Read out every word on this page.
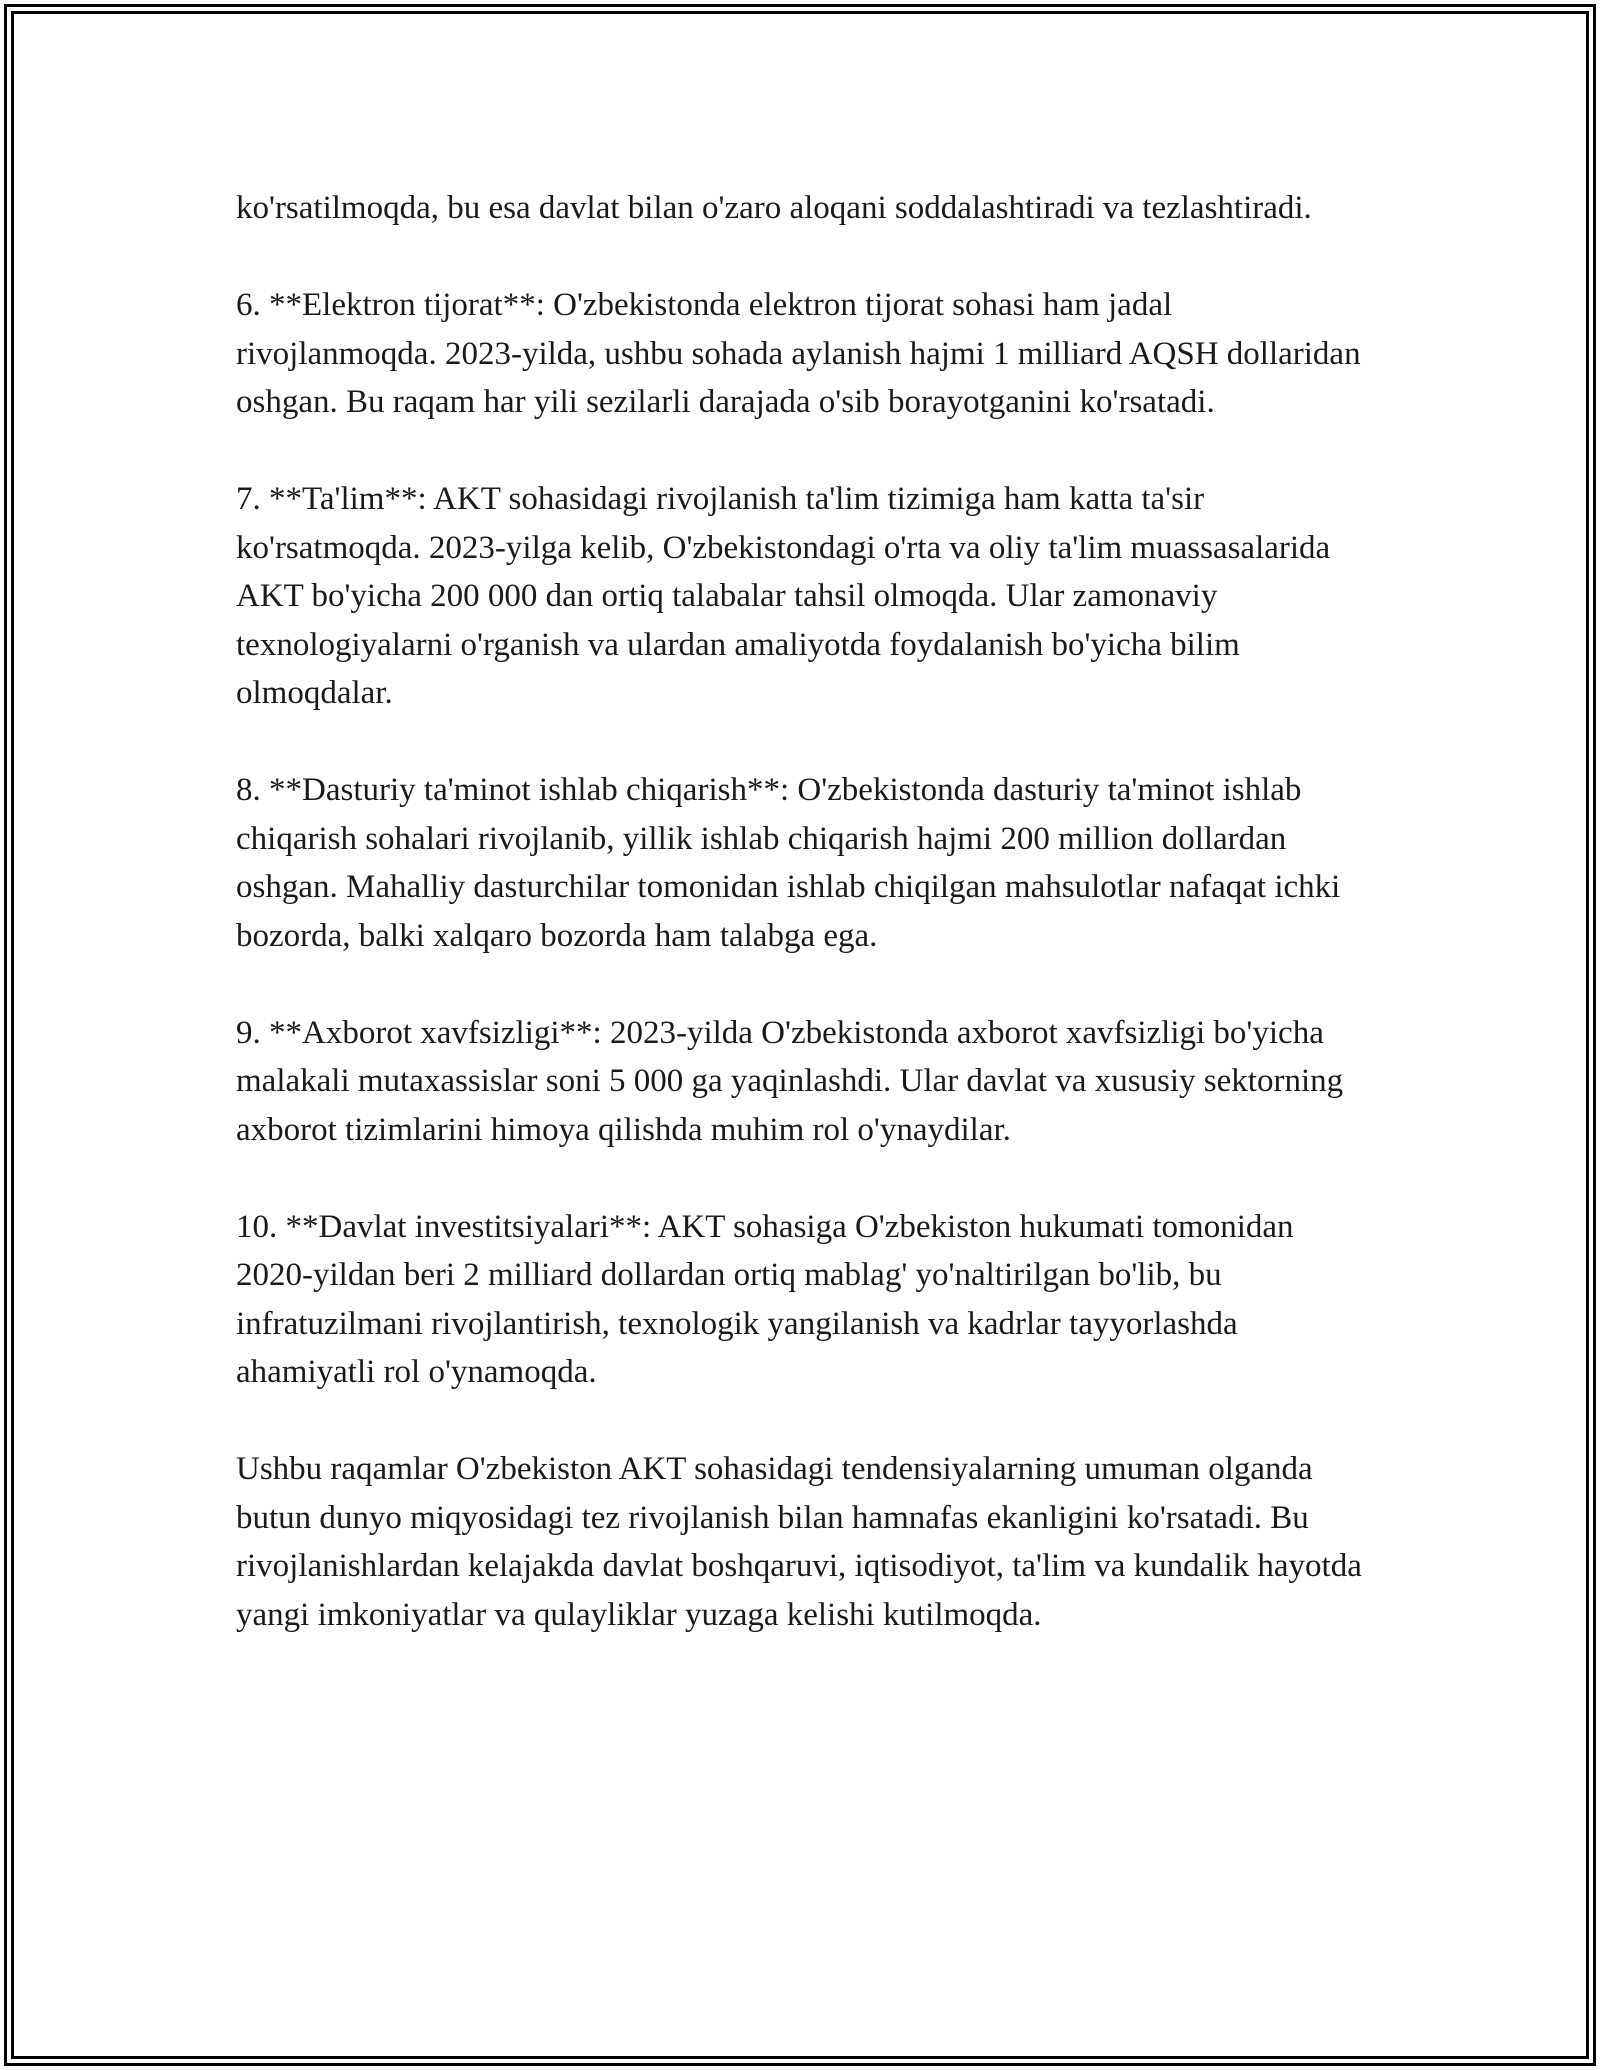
ko'rsatilmoqda, bu esa davlat bilan o'zaro aloqani soddalashtiradi va tezlashtiradi.

6. **Elektron tijorat**: O'zbekistonda elektron tijorat sohasi ham jadal rivojlanmoqda. 2023-yilda, ushbu sohada aylanish hajmi 1 milliard AQSH dollaridan oshgan. Bu raqam har yili sezilarli darajada o'sib borayotganini ko'rsatadi.

7. **Ta'lim**: AKT sohasidagi rivojlanish ta'lim tizimiga ham katta ta'sir ko'rsatmoqda. 2023-yilga kelib, O'zbekistondagi o'rta va oliy ta'lim muassasalarida AKT bo'yicha 200 000 dan ortiq talabalar tahsil olmoqda. Ular zamonaviy texnologiyalarni o'rganish va ulardan amaliyotda foydalanish bo'yicha bilim olmoqdalar.

8. **Dasturiy ta'minot ishlab chiqarish**: O'zbekistonda dasturiy ta'minot ishlab chiqarish sohalari rivojlanib, yillik ishlab chiqarish hajmi 200 million dollardan oshgan. Mahalliy dasturchilar tomonidan ishlab chiqilgan mahsulotlar nafaqat ichki bozorda, balki xalqaro bozorda ham talabga ega.

9. **Axborot xavfsizligi**: 2023-yilda O'zbekistonda axborot xavfsizligi bo'yicha malakali mutaxassislar soni 5 000 ga yaqinlashdi. Ular davlat va xususiy sektorning axborot tizimlarini himoya qilishda muhim rol o'ynaydilar.

10. **Davlat investitsiyalari**: AKT sohasiga O'zbekiston hukumati tomonidan 2020-yildan beri 2 milliard dollardan ortiq mablag' yo'naltirilgan bo'lib, bu infratuzilmani rivojlantirish, texnologik yangilanish va kadrlar tayyorlashda ahamiyatli rol o'ynamoqda.

Ushbu raqamlar O'zbekiston AKT sohasidagi tendensiyalarning umuman olganda butun dunyo miqyosidagi tez rivojlanish bilan hamnafas ekanligini ko'rsatadi. Bu rivojlanishlardan kelajakda davlat boshqaruvi, iqtisodiyot, ta'lim va kundalik hayotda yangi imkoniyatlar va qulayliklar yuzaga kelishi kutilmoqda.
